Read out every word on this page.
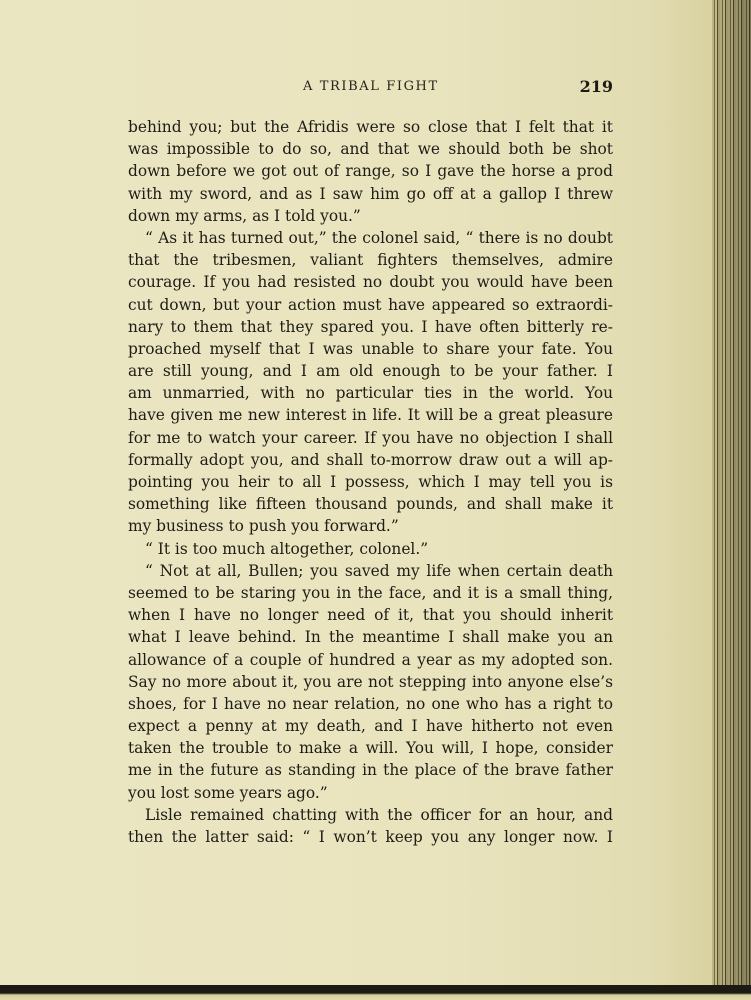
A TRIBAL FIGHT	219
behind you; but the Afridis were so close that I felt that it
was impossible to do so, and that we should both be shot
down before we got out of range, so I gave the horse a prod
with my sword, and as I saw him go off at a gallop I threw
down my arms, as I told you.”
“ As it has turned out,” the colonel said, “ there is no doubt
that the tribesmen, valiant fighters themselves, admire
courage. If you had resisted no doubt you would have been
cut down, but your action must have appeared so extraordi-
nary to them that they spared you. I have often bitterly re-
proached myself that I was unable to share your fate. You
are still young, and I am old enough to be your father. I
am unmarried, with no particular ties in the world. You
have given me new interest in life. It will be a great pleasure
for me to watch your career. If you have no objection I shall
formally adopt you, and shall to-morrow draw out a will ap-
pointing you heir to all I possess, which I may tell you is
something like fifteen thousand pounds, and shall make it
my business to push you forward.”
“ It is too much altogether, colonel.”
“ Not at all, Bullen; you saved my life when certain death
seemed to be staring you in the face, and it is a small thing,
when I have no longer need of it, that you should inherit
what I leave behind. In the meantime I shall make you an
allowance of a couple of hundred a year as my adopted son.
Say no more about it, you are not stepping into anyone else’s
shoes, for I have no near relation, no one who has a right to
expect a penny at my death, and I have hitherto not even
taken the trouble to make a will. You will, I hope, consider
me in the future as standing in the place of the brave father
you lost some years ago.”
Lisle remained chatting with the officer for an hour, and
then the latter said: “ I won’t keep you any longer now. I
